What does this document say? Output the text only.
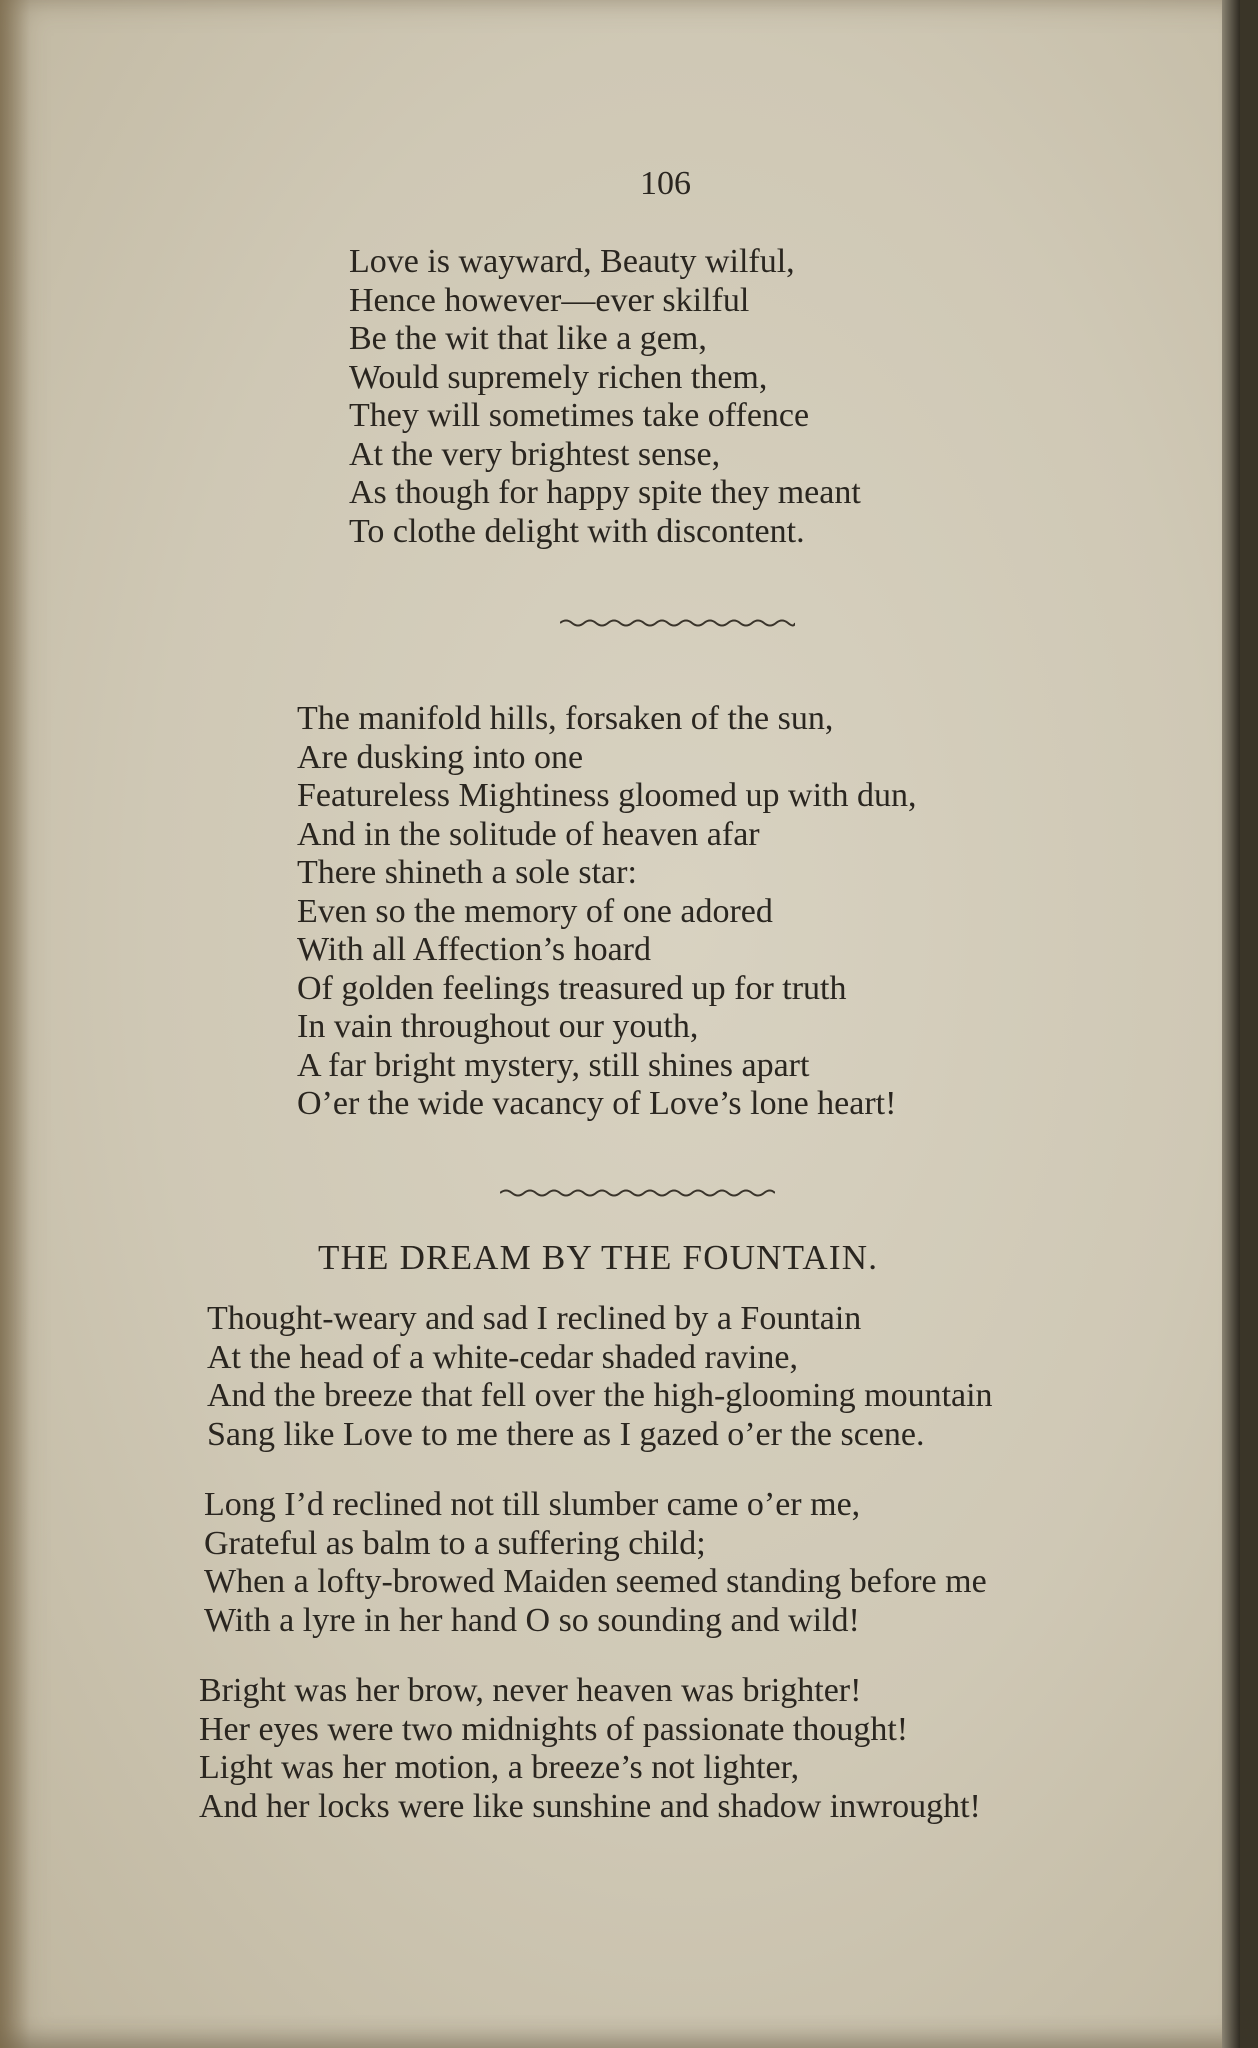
106
Love is wayward, Beauty wilful,
Hence however—ever skilful
Be the wit that like a gem,
Would supremely richen them,
They will sometimes take offence
At the very brightest sense,
As though for happy spite they meant
To clothe delight with discontent.
The manifold hills, forsaken of the sun,
Are dusking into one
Featureless Mightiness gloomed up with dun,
And in the solitude of heaven afar
There shineth a sole star:
Even so the memory of one adored
With all Affection’s hoard
Of golden feelings treasured up for truth
In vain throughout our youth,
A far bright mystery, still shines apart
O’er the wide vacancy of Love’s lone heart!
THE DREAM BY THE FOUNTAIN.
Thought-weary and sad I reclined by a Fountain
At the head of a white-cedar shaded ravine,
And the breeze that fell over the high-glooming mountain
Sang like Love to me there as I gazed o’er the scene.
Long I’d reclined not till slumber came o’er me,
Grateful as balm to a suffering child;
When a lofty-browed Maiden seemed standing before me
With a lyre in her hand O so sounding and wild!
Bright was her brow, never heaven was brighter!
Her eyes were two midnights of passionate thought!
Light was her motion, a breeze’s not lighter,
And her locks were like sunshine and shadow inwrought!
